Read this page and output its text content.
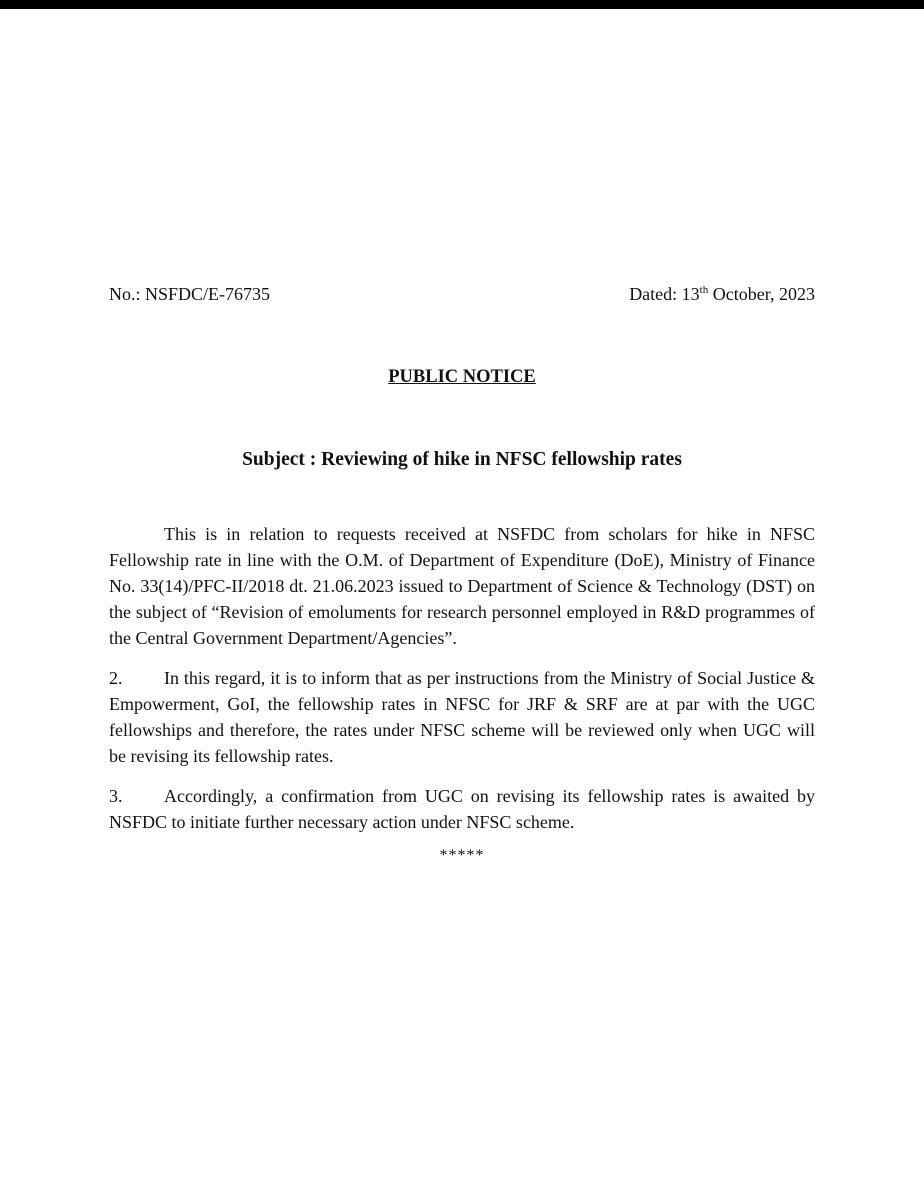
No.: NSFDC/E-76735	Dated: 13th October, 2023
PUBLIC NOTICE
Subject : Reviewing of hike in NFSC fellowship rates

This is in relation to requests received at NSFDC from scholars for hike in NFSC Fellowship rate in line with the O.M. of Department of Expenditure (DoE), Ministry of Finance No. 33(14)/PFC-II/2018 dt. 21.06.2023 issued to Department of Science & Technology (DST) on the subject of “Revision of emoluments for research personnel employed in R&D programmes of the Central Government Department/Agencies”.

2. In this regard, it is to inform that as per instructions from the Ministry of Social Justice & Empowerment, GoI, the fellowship rates in NFSC for JRF & SRF are at par with the UGC fellowships and therefore, the rates under NFSC scheme will be reviewed only when UGC will be revising its fellowship rates.

3. Accordingly, a confirmation from UGC on revising its fellowship rates is awaited by NSFDC to initiate further necessary action under NFSC scheme.

*****
